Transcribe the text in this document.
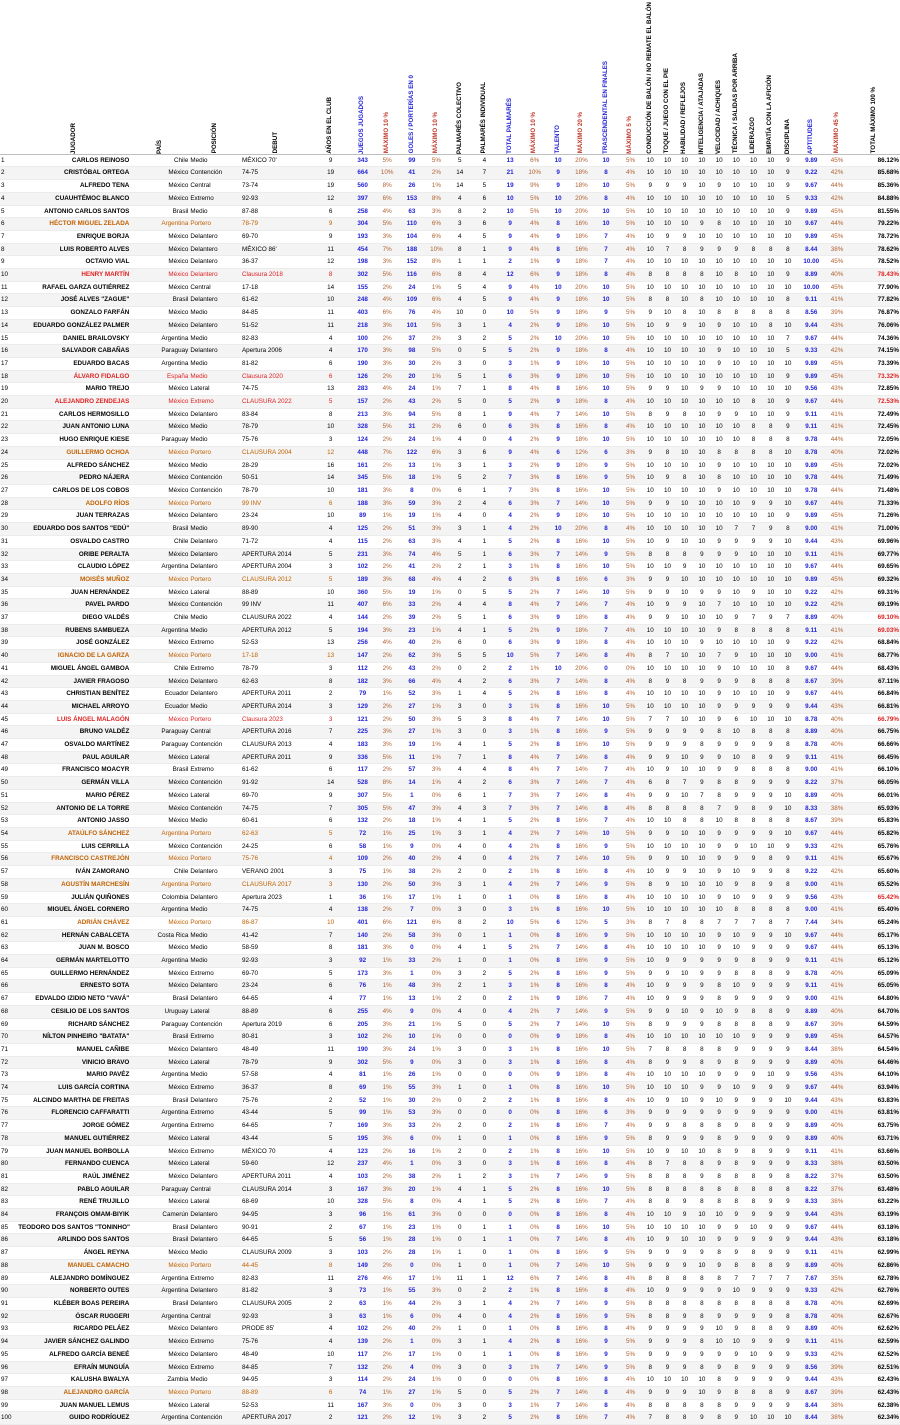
	JUGADOR	PAÍS	POSICIÓN	DEBUT	AÑOS EN EL CLUB	JUEGOS JUGADOS	MÁXIMO 10 %	GOLES / PORTERÍAS EN 0	MÁXIMO 10 %	PALMARÉS COLECTIVO	PALMARÉS INDIVIDUAL	TOTAL PALMARÉS	MÁXIMO 10 %	TALENTO	MÁXIMO 20 %	TRASCENDENTAL EN FINALES	MÁXIMO 5 %	CONDUCCIÓN DE BALÓN / NO REMATE EL BALÓN	TOQUE / JUEGO CON EL PIE	HABILIDAD / REFLEJOS	INTELIGENCIA / ATAJADAS	VELOCIDAD / ACHIQUES	TÉCNICA / SALIDAS POR ARRIBA	LIDERAZGO	EMPATÍA CON LA AFICIÓN	DISCIPLINA	APTITUDES	MÁXIMO 45 %	TOTAL MÁXIMO 100 %

1	CARLOS REINOSO	Chile	Medio	MÉXICO 70'	9	343	5%	99	5%	5	4	13	6%	10	20%	10	5%	10	10	10	10	10	10	10	10	9	9.89	45%	86.12%
2	CRISTÓBAL ORTEGA	México	Contención	74-75	19	664	10%	41	2%	14	7	21	10%	9	18%	8	4%	10	10	10	10	10	10	10	10	9	9.22	42%	85.68%
3	ALFREDO TENA	México	Central	73-74	19	560	8%	26	1%	14	5	19	9%	9	18%	10	5%	9	9	9	10	9	10	10	10	9	9.67	44%	85.36%
4	CUAUHTÉMOC BLANCO	México	Extremo	92-93	12	397	6%	153	8%	4	6	10	5%	10	20%	8	4%	10	10	10	10	10	10	10	10	5	9.33	42%	84.88%
5	ANTONIO CARLOS SANTOS	Brasil	Medio	87-88	6	258	4%	63	3%	8	2	10	5%	10	20%	10	5%	10	10	10	10	10	10	10	10	9	9.89	45%	81.55%
6	HÉCTOR MIGUEL ZELADA	Argentina	Portero	78-79	9	304	5%	110	6%	3	6	9	4%	8	16%	10	5%	10	10	10	9	8	10	10	10	10	9.67	44%	79.22%
7	ENRIQUE BORJA	México	Delantero	69-70	9	193	3%	104	6%	4	5	9	4%	9	18%	7	4%	10	9	9	10	10	10	10	10	10	9.89	45%	78.72%
8	LUIS ROBERTO ALVES	México	Delantero	MÉXICO 86'	11	454	7%	188	10%	8	1	9	4%	8	16%	7	4%	10	7	8	9	9	9	8	8	8	8.44	38%	78.62%
9	OCTAVIO VIAL	México	Delantero	36-37	12	198	3%	152	8%	1	1	2	1%	9	18%	7	4%	10	10	10	10	10	10	10	10	10	10.00	45%	78.52%
10	HENRY MARTÍN	México	Delantero	Clausura 2018	8	302	5%	116	6%	8	4	12	6%	9	18%	8	4%	8	8	8	8	10	8	10	10	9	8.89	40%	78.43%
11	RAFAEL GARZA GUTIÉRREZ	México	Central	17-18	14	155	2%	24	1%	5	4	9	4%	10	20%	10	5%	10	10	10	10	10	10	10	10	10	10.00	45%	77.90%
12	JOSÉ ALVES "ZAGUE"	Brasil	Delantero	61-62	10	248	4%	109	6%	4	5	9	4%	9	18%	10	5%	8	8	10	8	10	10	10	10	8	9.11	41%	77.82%
13	GONZALO FARFÁN	México	Medio	84-85	11	403	6%	76	4%	10	0	10	5%	9	18%	9	5%	9	10	8	10	8	8	8	8	8	8.56	39%	76.87%
14	EDUARDO GONZÁLEZ PALMER	México	Delantero	51-52	11	218	3%	101	5%	3	1	4	2%	9	18%	10	5%	10	9	9	10	9	10	10	8	10	9.44	43%	76.06%
15	DANIEL BRAILOVSKY	Argentina	Medio	82-83	4	100	2%	37	2%	3	2	5	2%	10	20%	10	5%	10	10	10	10	10	10	10	10	7	9.67	44%	74.36%
16	SALVADOR CABAÑAS	Paraguay	Delantero	Apertura 2006	4	170	3%	98	5%	0	5	5	2%	9	18%	8	4%	10	10	10	10	9	10	10	10	5	9.33	42%	74.15%
17	EDUARDO BACAS	Argentina	Medio	81-82	6	190	3%	30	2%	3	0	3	1%	9	18%	10	5%	10	10	10	10	9	10	10	10	10	9.89	45%	73.39%
18	ÁLVARO FIDALGO	España	Medio	Clausura 2020	6	126	2%	20	1%	5	1	6	3%	9	18%	10	5%	10	10	10	10	10	10	10	10	9	9.89	45%	73.32%
19	MARIO TREJO	México	Lateral	74-75	13	283	4%	24	1%	7	1	8	4%	8	16%	10	5%	9	9	10	9	9	10	10	10	10	9.56	43%	72.85%
20	ALEJANDRO ZENDEJAS	México	Extremo	CLAUSURA 2022	5	157	2%	43	2%	5	0	5	2%	9	18%	8	4%	10	10	10	10	10	10	8	10	9	9.67	44%	72.53%
21	CARLOS HERMOSILLO	México	Delantero	83-84	8	213	3%	94	5%	8	1	9	4%	7	14%	10	5%	8	9	8	10	9	9	10	10	9	9.11	41%	72.49%
22	JUAN ANTONIO LUNA	México	Medio	78-79	10	328	5%	31	2%	6	0	6	3%	8	16%	8	4%	10	10	10	10	10	10	8	8	9	9.11	41%	72.45%
23	HUGO ENRIQUE KIESE	Paraguay	Medio	75-76	3	124	2%	24	1%	4	0	4	2%	9	18%	10	5%	10	10	10	10	10	10	8	8	8	9.78	44%	72.05%
24	GUILLERMO OCHOA	México	Portero	CLAUSURA 2004	12	448	7%	122	6%	3	6	9	4%	6	12%	6	3%	9	8	10	10	8	8	8	8	10	8.78	40%	72.02%
25	ALFREDO SÁNCHEZ	México	Medio	28-29	16	161	2%	13	1%	3	1	3	2%	9	18%	9	5%	10	10	10	10	9	10	10	10	10	9.89	45%	72.02%
26	PEDRO NÁJERA	México	Contención	50-51	14	345	5%	18	1%	5	2	7	3%	8	16%	9	5%	10	9	8	10	8	10	10	10	10	9.78	44%	71.49%
27	CARLOS DE LOS COBOS	México	Contención	78-79	10	181	3%	8	0%	6	1	7	3%	8	16%	10	5%	10	10	10	10	9	10	10	10	10	9.78	44%	71.48%
28	ADOLFO RÍOS	México	Portero	99 INV	6	188	3%	59	3%	2	4	6	3%	7	14%	10	5%	9	9	10	10	10	10	9	9	10	9.67	44%	71.33%
29	JUAN TERRAZAS	México	Delantero	23-24	10	89	1%	19	1%	4	0	4	2%	9	18%	10	5%	10	10	10	10	10	10	10	10	9	9.89	45%	71.26%
30	EDUARDO DOS SANTOS "EDÚ"	Brasil	Medio	89-90	4	125	2%	51	3%	3	1	4	2%	10	20%	8	4%	10	10	10	10	10	7	7	9	8	9.00	41%	71.00%
31	OSVALDO CASTRO	Chile	Delantero	71-72	4	115	2%	63	3%	4	1	5	2%	8	16%	10	5%	10	9	10	10	9	9	9	9	10	9.44	43%	69.96%
32	ORIBE PERALTA	México	Delantero	APERTURA 2014	5	231	3%	74	4%	5	1	6	3%	7	14%	9	5%	8	8	8	9	9	9	10	10	10	9.11	41%	69.77%
33	CLAUDIO LÓPEZ	Argentina	Delantero	APERTURA 2004	3	102	2%	41	2%	2	1	3	1%	8	16%	10	5%	10	10	9	10	10	10	10	10	10	9.67	44%	69.65%
34	MOISÉS MUÑOZ	México	Portero	CLAUSURA 2012	5	189	3%	68	4%	4	2	6	3%	8	16%	6	3%	9	9	10	10	10	10	10	10	10	9.89	45%	69.32%
35	JUAN HERNÁNDEZ	México	Lateral	88-89	10	360	5%	19	1%	0	5	5	2%	7	14%	10	5%	9	9	10	9	9	10	9	10	10	9.22	42%	69.31%
36	PAVEL PARDO	México	Contención	99 INV	11	407	6%	33	2%	4	4	8	4%	7	14%	7	4%	10	9	9	10	7	10	10	10	10	9.22	42%	69.19%
37	DIEGO VALDÉS	Chile	Medio	CLAUSURA 2022	4	144	2%	39	2%	5	1	6	3%	9	18%	8	4%	9	9	10	10	10	9	7	9	7	8.89	40%	69.10%
38	RUBENS SAMBUEZA	Argentina	Medio	APERTURA 2012	5	194	3%	23	1%	4	1	5	2%	9	18%	7	4%	10	10	10	10	9	8	8	8	8	9.11	41%	69.03%
39	JOSÉ GONZÁLEZ	México	Extremo	52-53	13	256	4%	40	2%	6	0	6	3%	9	18%	8	4%	10	10	10	9	10	10	10	10	9	9.22	42%	68.84%
40	IGNACIO DE LA GARZA	México	Portero	17-18	13	147	2%	62	3%	5	5	10	5%	7	14%	8	4%	8	7	10	10	7	9	10	10	10	9.00	41%	68.77%
41	MIGUEL ÁNGEL GAMBOA	Chile	Extremo	78-79	3	112	2%	43	2%	0	2	2	1%	10	20%	0	0%	10	10	10	10	9	10	10	10	8	9.67	44%	68.43%
42	JAVIER FRAGOSO	México	Delantero	62-63	8	182	3%	66	4%	4	2	6	3%	7	14%	8	4%	8	9	8	9	9	9	8	8	8	8.67	39%	67.11%
43	CHRISTIAN BENÍTEZ	Ecuador	Delantero	APERTURA 2011	2	79	1%	52	3%	1	4	5	2%	8	16%	8	4%	10	10	10	10	9	10	10	10	9	9.67	44%	66.84%
44	MICHAEL ARROYO	Ecuador	Medio	APERTURA 2014	3	129	2%	27	1%	3	0	3	1%	8	16%	10	5%	10	10	10	10	9	9	9	9	9	9.44	43%	66.81%
45	LUIS ÁNGEL MALAGÓN	México	Portero	Clausura 2023	3	121	2%	50	3%	5	3	8	4%	7	14%	10	5%	7	7	10	10	9	6	10	10	10	8.78	40%	66.79%
46	BRUNO VALDÉZ	Paraguay	Central	APERTURA 2016	7	225	3%	27	1%	3	0	3	1%	8	16%	9	5%	9	9	9	9	8	10	8	8	8	8.89	40%	66.75%
47	OSVALDO MARTÍNEZ	Paraguay	Contención	CLAUSURA 2013	4	183	3%	19	1%	4	1	5	2%	8	16%	10	5%	9	9	9	8	9	9	9	9	8	8.78	40%	66.66%
48	PAUL AGUILAR	México	Lateral	APERTURA 2011	9	336	5%	11	1%	7	1	8	4%	7	14%	8	4%	9	9	10	9	9	10	8	9	9	9.11	41%	66.45%
49	FRANCISCO MOACYR	Brasil	Extremo	61-62	6	117	2%	57	3%	4	4	8	4%	7	14%	7	4%	10	9	10	10	9	9	8	8	8	9.00	41%	66.10%
50	GERMÁN VILLA	México	Contención	91-92	14	528	8%	14	1%	4	2	6	3%	7	14%	7	4%	6	8	7	9	8	8	9	9	9	8.22	37%	66.05%
51	MARIO PÉREZ	México	Lateral	69-70	9	307	5%	1	0%	6	1	7	3%	7	14%	8	4%	9	9	10	7	8	9	9	9	10	8.89	40%	66.01%
52	ANTONIO DE LA TORRE	México	Contención	74-75	7	305	5%	47	3%	4	3	7	3%	7	14%	8	4%	8	8	8	8	7	9	8	9	10	8.33	38%	65.93%
53	ANTONIO JASSO	México	Medio	60-61	6	132	2%	18	1%	4	1	5	2%	8	16%	7	4%	10	10	8	8	10	8	8	8	8	8.67	39%	65.83%
54	ATAÚLFO SÁNCHEZ	Argentina	Portero	62-63	5	72	1%	25	1%	3	1	4	2%	7	14%	10	5%	9	9	10	10	9	9	9	9	10	9.67	44%	65.82%
55	LUIS CERRILLA	México	Contención	24-25	6	58	1%	9	0%	4	0	4	2%	8	16%	9	5%	10	10	10	10	9	9	10	10	9	9.33	42%	65.76%
56	FRANCISCO CASTREJÓN	México	Portero	75-76	4	109	2%	40	2%	4	0	4	2%	7	14%	10	5%	9	9	10	10	9	9	9	8	9	9.11	41%	65.67%
57	IVÁN ZAMORANO	Chile	Delantero	VERANO 2001	3	75	1%	38	2%	2	0	2	1%	8	16%	8	4%	10	9	9	10	9	10	9	9	8	9.22	42%	65.60%
58	AGUSTÍN MARCHESÍN	Argentina	Portero	CLAUSURA 2017	3	130	2%	50	3%	3	1	4	2%	7	14%	9	5%	8	9	10	10	10	9	8	9	8	9.00	41%	65.52%
59	JULIÁN QUIÑONES	Colombia	Delantero	Apertura 2023	1	36	1%	17	1%	1	0	1	0%	8	16%	8	4%	10	10	10	10	9	10	9	9	9	9.56	43%	65.42%
60	MIGUEL ÁNGEL CORNERO	Argentina	Medio	74-75	4	138	2%	7	0%	3	0	3	1%	8	16%	10	5%	10	10	10	10	10	8	8	8	8	9.00	41%	65.40%
61	ADRIÁN CHÁVEZ	México	Portero	86-87	10	401	6%	121	6%	8	2	10	5%	6	12%	5	3%	8	7	8	8	7	7	7	8	7	7.44	34%	65.24%
62	HERNÁN CABALCETA	Costa Rica	Medio	41-42	7	140	2%	58	3%	0	1	1	0%	8	16%	9	5%	10	10	10	10	9	10	9	9	10	9.67	44%	65.17%
63	JUAN M. BOSCO	México	Medio	58-59	8	181	3%	0	0%	4	1	5	2%	7	14%	8	4%	10	10	10	10	9	10	9	9	9	9.67	44%	65.13%
64	GERMÁN MARTELOTTO	Argentina	Medio	92-93	3	92	1%	33	2%	1	0	1	0%	8	16%	9	5%	10	9	9	9	9	9	8	9	9	9.11	41%	65.12%
65	GUILLERMO HERNÁNDEZ	México	Extremo	69-70	5	173	3%	1	0%	3	2	5	2%	8	16%	9	5%	9	9	10	9	9	8	8	8	9	8.78	40%	65.09%
66	ERNESTO SOTA	México	Delantero	23-24	6	76	1%	48	3%	2	1	3	1%	8	16%	8	4%	10	9	9	9	8	10	9	9	9	9.11	41%	65.05%
67	EDVALDO IZIDIO NETO "VAVÁ"	Brasil	Delantero	64-65	4	77	1%	13	1%	2	0	2	1%	9	18%	7	4%	10	9	9	9	8	9	9	9	9	9.00	41%	64.80%
68	CESILIO DE LOS SANTOS	Uruguay	Lateral	88-89	6	255	4%	9	0%	4	0	4	2%	7	14%	9	5%	9	9	10	9	10	9	8	8	9	8.89	40%	64.70%
69	RICHARD SÁNCHEZ	Paraguay	Contención	Apertura 2019	6	205	3%	21	1%	5	0	5	2%	7	14%	10	5%	8	9	9	9	8	8	8	8	9	8.67	39%	64.59%
70	NÍLTON PINHEIRO "BATATA"	Brasil	Extremo	80-81	3	102	2%	10	1%	0	0	0	0%	9	18%	8	4%	10	10	10	10	10	10	9	9	9	9.89	45%	64.57%
71	MANUEL CAÑIBE	México	Delantero	48-49	11	190	3%	24	1%	3	0	3	1%	8	16%	10	5%	7	8	8	8	8	9	9	9	9	8.44	38%	64.54%
72	VINICIO BRAVO	México	Lateral	78-79	9	302	5%	9	0%	3	0	3	1%	8	16%	8	4%	8	9	9	8	9	8	9	9	9	8.89	40%	64.46%
73	MARIO PAVÉZ	Argentina	Medio	57-58	4	81	1%	26	1%	0	0	0	0%	9	18%	8	4%	10	10	10	10	9	9	9	10	9	9.56	43%	64.10%
74	LUIS GARCÍA CORTINA	México	Extremo	36-37	8	69	1%	55	3%	1	0	1	0%	8	16%	10	5%	10	10	10	9	9	10	9	9	9	9.67	44%	63.94%
75	ALCINDO MARTHA DE FREITAS	Brasil	Delantero	75-76	2	52	1%	30	2%	0	2	2	1%	8	16%	8	4%	10	9	10	9	10	9	9	9	10	9.44	43%	63.83%
76	FLORENCIO CAFFARATTI	Argentina	Extremo	43-44	5	99	1%	53	3%	0	0	0	0%	8	16%	6	3%	9	9	9	9	9	9	9	9	9	9.00	41%	63.81%
77	JORGE GÓMEZ	Argentina	Extremo	64-65	7	169	3%	33	2%	2	0	2	1%	8	16%	7	4%	9	9	8	8	8	9	8	9	9	8.89	40%	63.75%
78	MANUEL GUTIÉRREZ	México	Lateral	43-44	5	195	3%	6	0%	1	0	1	0%	8	16%	9	5%	8	9	9	9	8	9	9	9	9	8.89	40%	63.71%
79	JUAN MANUEL BORBOLLA	México	Extremo	MÉXICO 70	4	123	2%	16	1%	2	0	2	1%	8	16%	10	5%	10	9	10	10	8	9	8	9	9	9.11	41%	63.66%
80	FERNANDO CUENCA	México	Lateral	59-60	12	237	4%	1	0%	3	0	3	1%	8	16%	8	4%	8	7	8	8	9	8	9	9	9	8.33	38%	63.50%
81	RAÚL JIMÉNEZ	México	Delantero	APERTURA 2011	4	103	2%	38	2%	1	2	3	1%	7	14%	9	5%	8	8	8	9	8	8	8	9	8	8.22	37%	63.50%
82	PABLO AGUILAR	Paraguay	Central	CLAUSURA 2014	3	167	3%	20	1%	4	1	5	2%	8	16%	10	5%	8	8	8	8	8	8	8	8	8	8.22	37%	63.48%
83	RENÉ TRUJILLO	México	Lateral	68-69	10	328	5%	8	0%	4	1	5	2%	8	16%	7	4%	8	8	9	8	8	8	8	9	9	8.33	38%	63.22%
84	FRANÇOIS OMAM-BIYIK	Camerún	Delantero	94-95	3	96	1%	61	3%	0	0	0	0%	8	16%	8	4%	10	10	9	10	10	9	9	9	9	9.44	43%	63.19%
85	TEODORO DOS SANTOS "TONINHO"	Brasil	Delantero	90-91	2	67	1%	23	1%	0	1	1	0%	8	16%	10	5%	10	10	10	10	9	9	10	9	9	9.67	44%	63.18%
86	ARLINDO DOS SANTOS	Brasil	Delantero	64-65	5	56	1%	28	1%	0	1	1	0%	7	14%	8	4%	10	9	10	10	9	9	9	9	9	9.44	43%	63.18%
87	ÁNGEL REYNA	México	Medio	CLAUSURA 2009	3	103	2%	28	1%	1	0	1	0%	8	16%	9	5%	9	9	9	9	8	9	8	9	9	9.11	41%	62.99%
88	MANUEL CAMACHO	México	Portero	44-45	8	149	2%	0	0%	1	0	1	0%	7	14%	10	5%	9	9	9	10	9	8	8	8	9	8.89	40%	62.86%
89	ALEJANDRO DOMÍNGUEZ	Argentina	Extremo	82-83	11	276	4%	17	1%	11	1	12	6%	7	14%	8	4%	8	8	8	8	8	7	7	7	7	7.67	35%	62.78%
90	NORBERTO OUTES	Argentina	Delantero	81-82	3	73	1%	55	3%	0	2	2	1%	8	16%	8	4%	10	9	9	9	9	10	9	9	9	9.33	42%	62.76%
91	KLÉBER BOAS PEREIRA	Brasil	Delantero	CLAUSURA 2005	2	63	1%	44	2%	3	1	4	2%	7	14%	9	5%	8	8	8	8	8	8	8	8	8	8.78	40%	62.69%
92	ÓSCAR RUGGERI	Argentina	Central	92-93	3	63	1%	6	0%	4	0	4	2%	8	16%	9	5%	8	8	9	8	9	9	9	9	8	8.78	40%	62.67%
93	RICARDO PELÁEZ	México	Delantero	PRODE 85'	4	102	2%	40	2%	1	0	1	0%	8	16%	8	4%	9	9	9	9	10	9	8	8	9	8.89	40%	62.62%
94	JAVIER SÁNCHEZ GALINDO	México	Extremo	75-76	4	139	2%	1	0%	3	1	4	2%	8	16%	9	5%	9	9	9	8	10	10	9	9	9	9.11	41%	62.59%
95	ALFREDO GARCÍA BENEÉ	México	Delantero	48-49	10	117	2%	17	1%	0	1	1	0%	8	16%	9	5%	9	9	9	9	9	9	10	9	9	9.33	42%	62.52%
96	EFRAÍN MUNGUÍA	México	Extremo	84-85	7	132	2%	4	0%	3	0	3	1%	7	14%	9	5%	8	9	9	8	9	8	9	9	9	8.56	39%	62.51%
97	KALUSHA BWALYA	Zambia	Medio	94-95	3	114	2%	24	1%	0	0	0	0%	8	16%	8	4%	10	10	10	10	8	9	9	9	9	9.44	43%	62.43%
98	ALEJANDRO GARCÍA	México	Portero	88-89	6	74	1%	27	1%	5	0	5	2%	7	14%	8	4%	9	9	9	10	9	8	8	8	9	8.67	39%	62.43%
99	JUAN MANUEL LEMUS	México	Lateral	52-53	11	167	3%	0	0%	3	0	3	1%	7	14%	8	4%	8	8	8	8	8	9	9	9	9	8.44	38%	62.38%
100	GUIDO RODRÍGUEZ	Argentina	Contención	APERTURA 2017	2	121	2%	12	1%	3	2	5	2%	8	16%	7	4%	7	8	8	9	8	9	10	10	10	8.44	38%	62.34%
